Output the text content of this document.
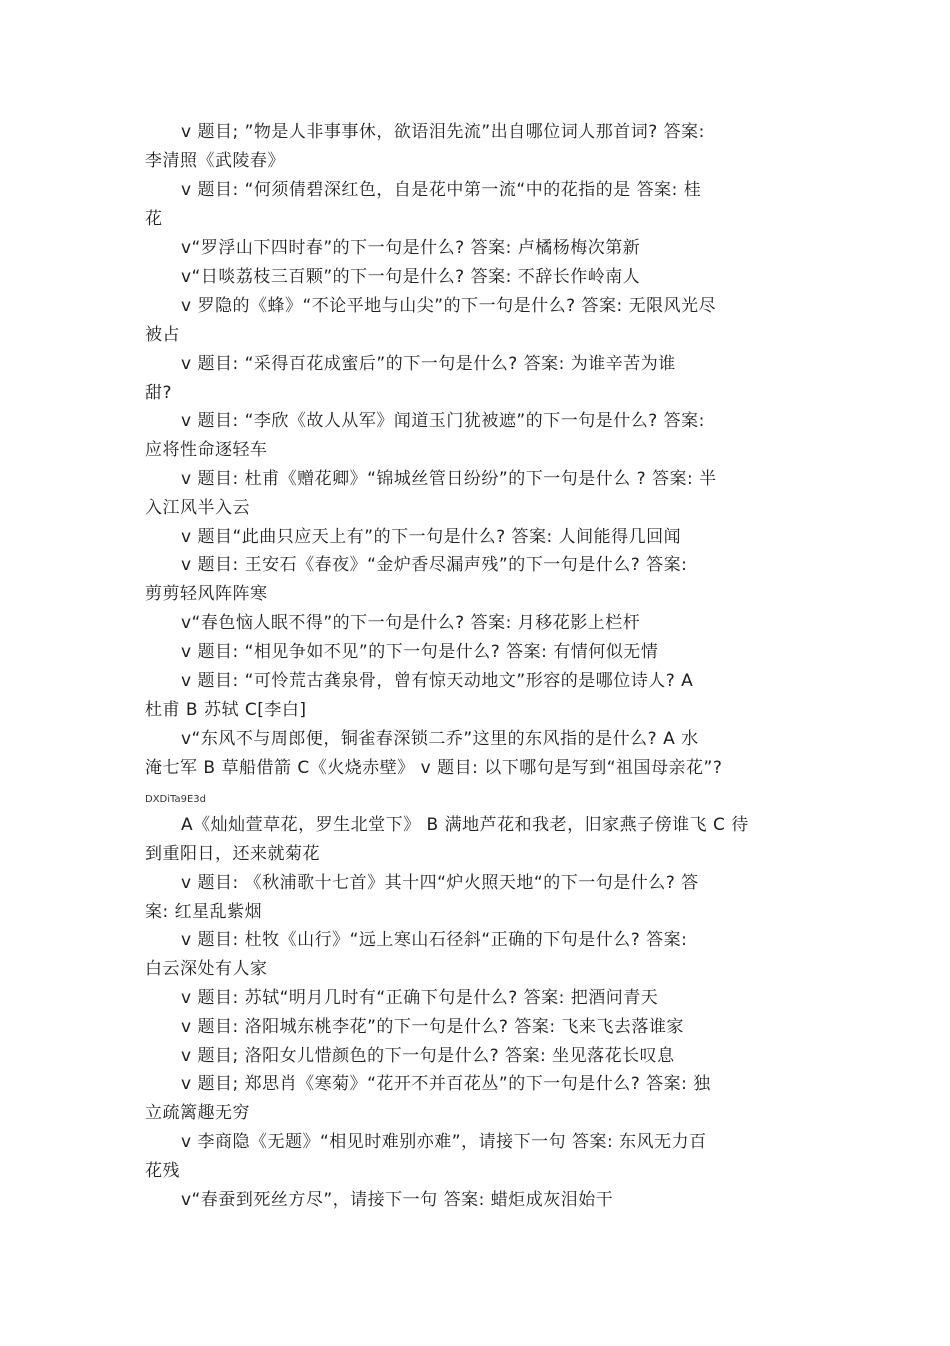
v 题目; ”物是人非事事休，欲语泪先流”出自哪位词人那首词? 答案:
李清照《武陵春》
v 题目: “何须倩碧深红色，自是花中第一流“中的花指的是 答案: 桂
花
v“罗浮山下四时春”的下一句是什么? 答案: 卢橘杨梅次第新
v“日啖荔枝三百颗”的下一句是什么? 答案: 不辞长作岭南人
v 罗隐的《蜂》“不论平地与山尖”的下一句是什么? 答案: 无限风光尽
被占
v 题目: “采得百花成蜜后”的下一句是什么? 答案: 为谁辛苦为谁
甜?
v 题目: “李欣《故人从军》闻道玉门犹被遮”的下一句是什么? 答案:
应将性命逐轻车
v 题目: 杜甫《赠花卿》“锦城丝管日纷纷”的下一句是什么 ? 答案: 半
入江风半入云
v 题目“此曲只应天上有”的下一句是什么? 答案: 人间能得几回闻
v 题目: 王安石《春夜》“金炉香尽漏声残”的下一句是什么? 答案:
剪剪轻风阵阵寒
v“春色恼人眠不得”的下一句是什么? 答案: 月移花影上栏杆
v 题目: “相见争如不见”的下一句是什么? 答案: 有情何似无情
v 题目: “可怜荒古龚泉骨，曾有惊天动地文”形容的是哪位诗人? A
杜甫 B 苏轼 C[李白]
v“东风不与周郎便，铜雀春深锁二乔”这里的东风指的是什么? A 水
淹七军 B 草船借箭 C《火烧赤壁》 v 题目: 以下哪句是写到“祖国母亲花”?
DXDiTa9E3d
A《灿灿萱草花，罗生北堂下》 B 满地芦花和我老，旧家燕子傍谁飞 C 待
到重阳日，还来就菊花
v 题目: 《秋浦歌十七首》其十四“炉火照天地“的下一句是什么? 答
案: 红星乱紫烟
v 题目: 杜牧《山行》“远上寒山石径斜“正确的下句是什么? 答案:
白云深处有人家
v 题目: 苏轼“明月几时有“正确下句是什么? 答案: 把酒问青天
v 题目: 洛阳城东桃李花”的下一句是什么? 答案: 飞来飞去落谁家
v 题目; 洛阳女儿惜颜色的下一句是什么? 答案: 坐见落花长叹息
v 题目; 郑思肖《寒菊》“花开不并百花丛”的下一句是什么? 答案: 独
立疏篱趣无穷
v 李商隐《无题》“相见时难别亦难”，请接下一句 答案: 东风无力百
花残
v“春蚕到死丝方尽”，请接下一句 答案: 蜡炬成灰泪始干
